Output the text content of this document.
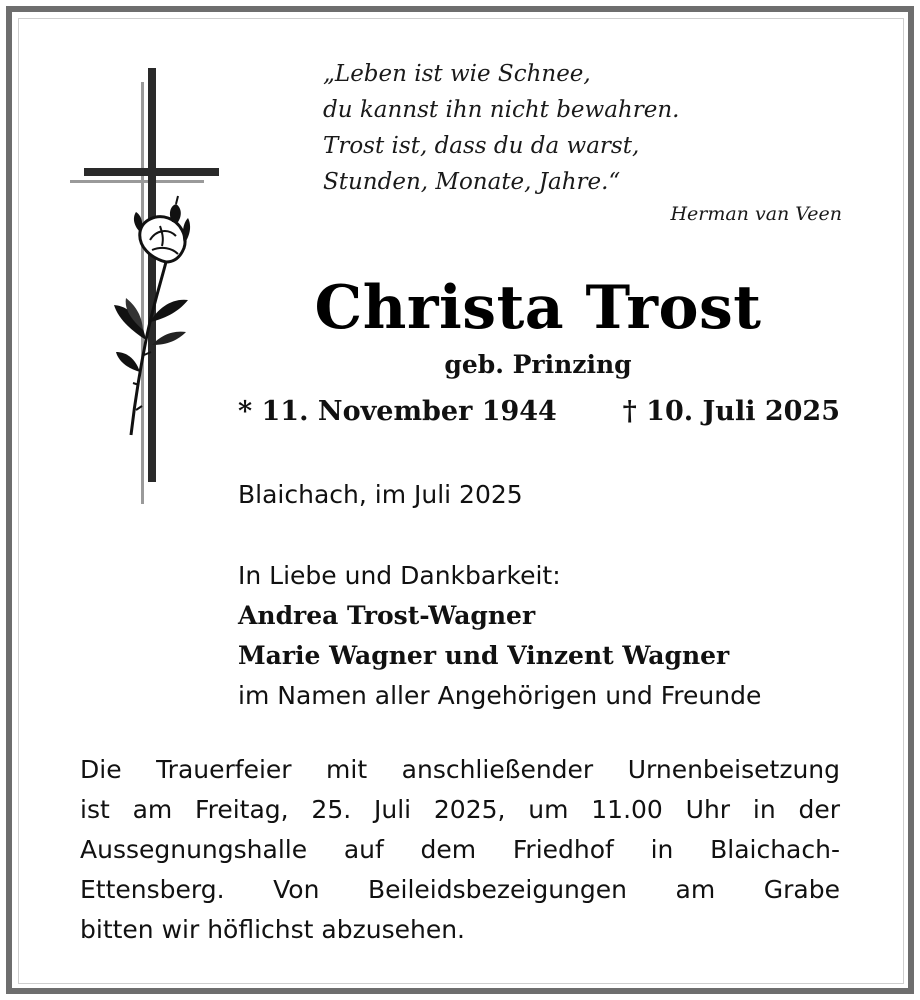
„Leben ist wie Schnee,
du kannst ihn nicht bewahren.
Trost ist, dass du da warst,
Stunden, Monate, Jahre.“
Herman van Veen
Christa Trost
geb. Prinzing
* 11. November 1944 † 10. Juli 2025
Blaichach, im Juli 2025
In Liebe und Dankbarkeit:
Andrea Trost-Wagner
Marie Wagner und Vinzent Wagner
im Namen aller Angehörigen und Freunde
Die Trauerfeier mit anschließender Urnenbeisetzung
ist am Freitag, 25. Juli 2025, um 11.00 Uhr in der
Aussegnungshalle auf dem Friedhof in Blaichach-
Ettensberg. Von Beileidsbezeigungen am Grabe
bitten wir höflichst abzusehen.
